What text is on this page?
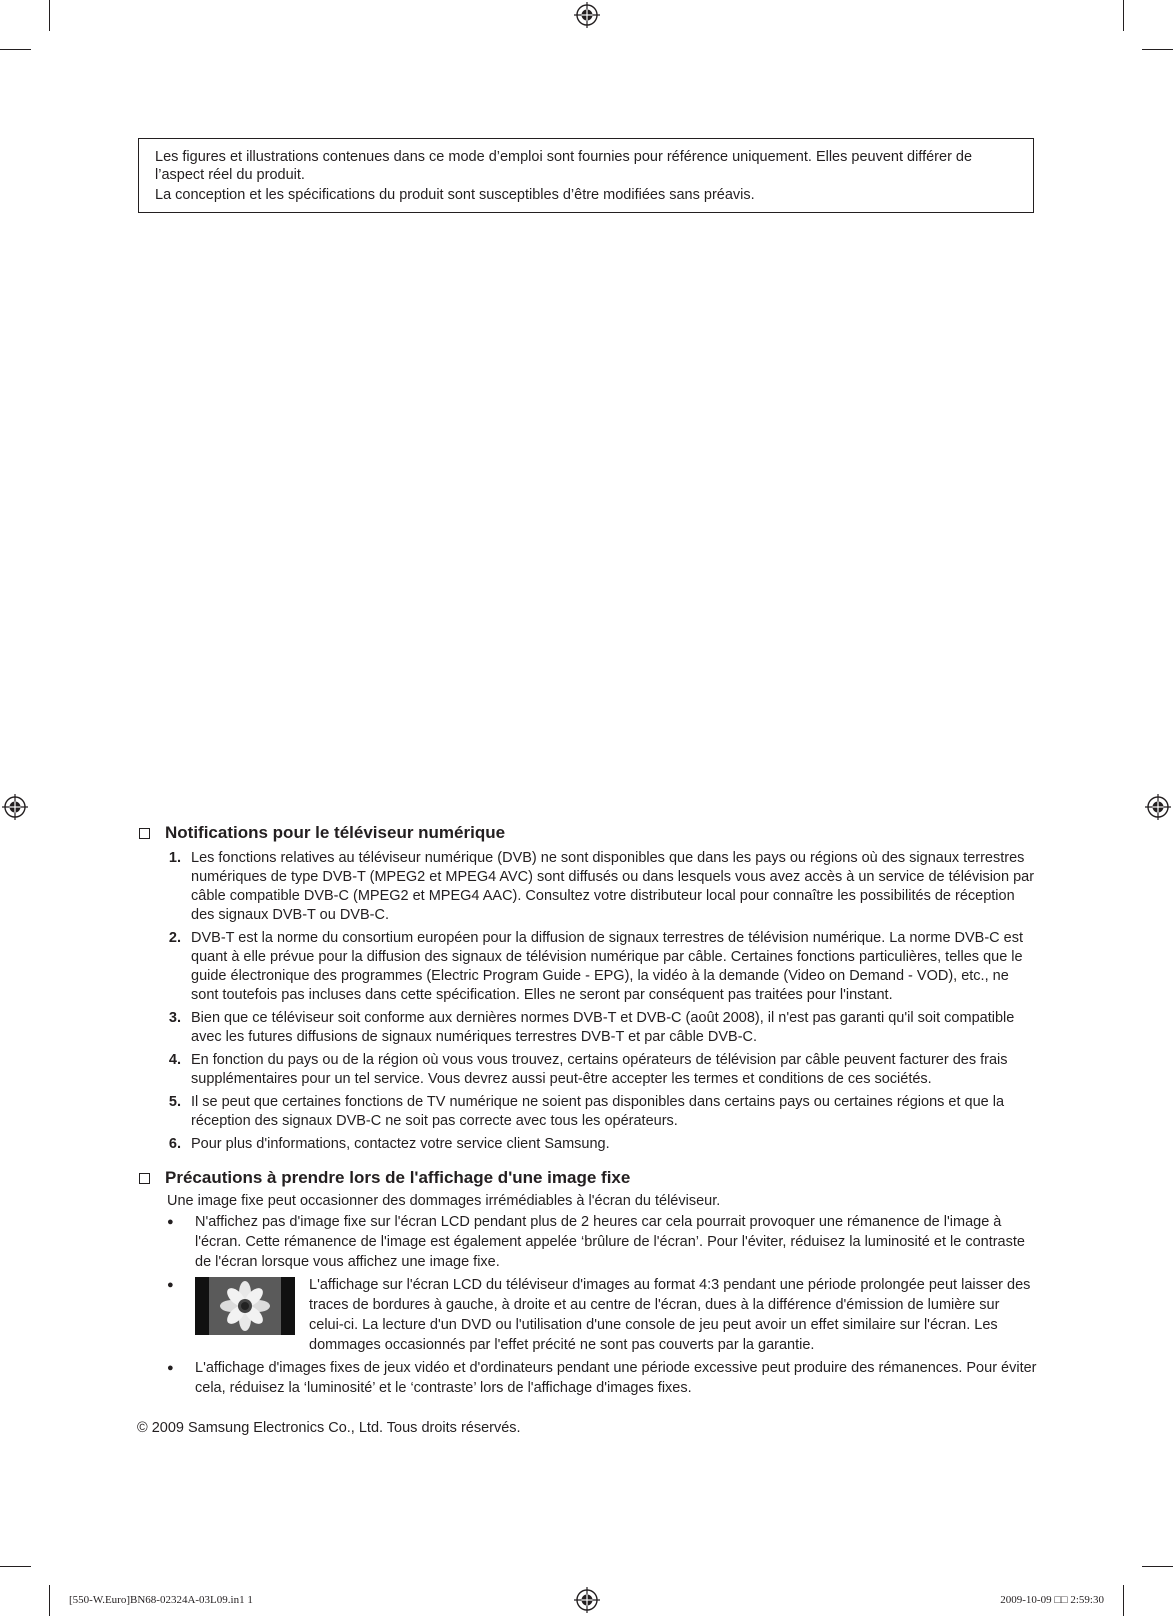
Les figures et illustrations contenues dans ce mode d’emploi sont fournies pour référence uniquement. Elles peuvent différer de l’aspect réel du produit.

La conception et les spécifications du produit sont susceptibles d’être modifiées sans préavis.

Notifications pour le téléviseur numérique
1. Les fonctions relatives au téléviseur numérique (DVB) ne sont disponibles que dans les pays ou régions où des signaux terrestres numériques de type DVB-T (MPEG2 et MPEG4 AVC) sont diffusés ou dans lesquels vous avez accès à un service de télévision par câble compatible DVB-C (MPEG2 et MPEG4 AAC). Consultez votre distributeur local pour connaître les possibilités de réception des signaux DVB-T ou DVB-C.
2. DVB-T est la norme du consortium européen pour la diffusion de signaux terrestres de télévision numérique. La norme DVB-C est quant à elle prévue pour la diffusion des signaux de télévision numérique par câble. Certaines fonctions particulières, telles que le guide électronique des programmes (Electric Program Guide - EPG), la vidéo à la demande (Video on Demand - VOD), etc., ne sont toutefois pas incluses dans cette spécification. Elles ne seront par conséquent pas traitées pour l'instant.
3. Bien que ce téléviseur soit conforme aux dernières normes DVB-T et DVB-C (août 2008), il n'est pas garanti qu'il soit compatible avec les futures diffusions de signaux numériques terrestres DVB-T et par câble DVB-C.
4. En fonction du pays ou de la région où vous vous trouvez, certains opérateurs de télévision par câble peuvent facturer des frais supplémentaires pour un tel service. Vous devrez aussi peut-être accepter les termes et conditions de ces sociétés.
5. Il se peut que certaines fonctions de TV numérique ne soient pas disponibles dans certains pays ou certaines régions et que la réception des signaux DVB-C ne soit pas correcte avec tous les opérateurs.
6. Pour plus d'informations, contactez votre service client Samsung.
Précautions à prendre lors de l'affichage d'une image fixe

Une image fixe peut occasionner des dommages irrémédiables à l'écran du téléviseur.

●	N'affichez pas d'image fixe sur l'écran LCD pendant plus de 2 heures car cela pourrait provoquer une rémanence de l'image à l'écran. Cette rémanence de l'image est également appelée ‘brûlure de l'écran’. Pour l'éviter, réduisez la luminosité et le contraste de l'écran lorsque vous affichez une image fixe.
●	L'affichage sur l'écran LCD du téléviseur d'images au format 4:3 pendant une période prolongée peut laisser des traces de bordures à gauche, à droite et au centre de l'écran, dues à la différence d'émission de lumière sur celui-ci. La lecture d'un DVD ou l'utilisation d'une console de jeu peut avoir un effet similaire sur l'écran. Les dommages occasionnés par l'effet précité ne sont pas couverts par la garantie.
●	L'affichage d'images fixes de jeux vidéo et d'ordinateurs pendant une période excessive peut produire des rémanences. Pour éviter cela, réduisez la ‘luminosité’ et le ‘contraste’ lors de l'affichage d'images fixes.

© 2009 Samsung Electronics Co., Ltd. Tous droits réservés.

[550-W.Euro]BN68-02324A-03L09.in1 1	2009-10-09 □□ 2:59:30
